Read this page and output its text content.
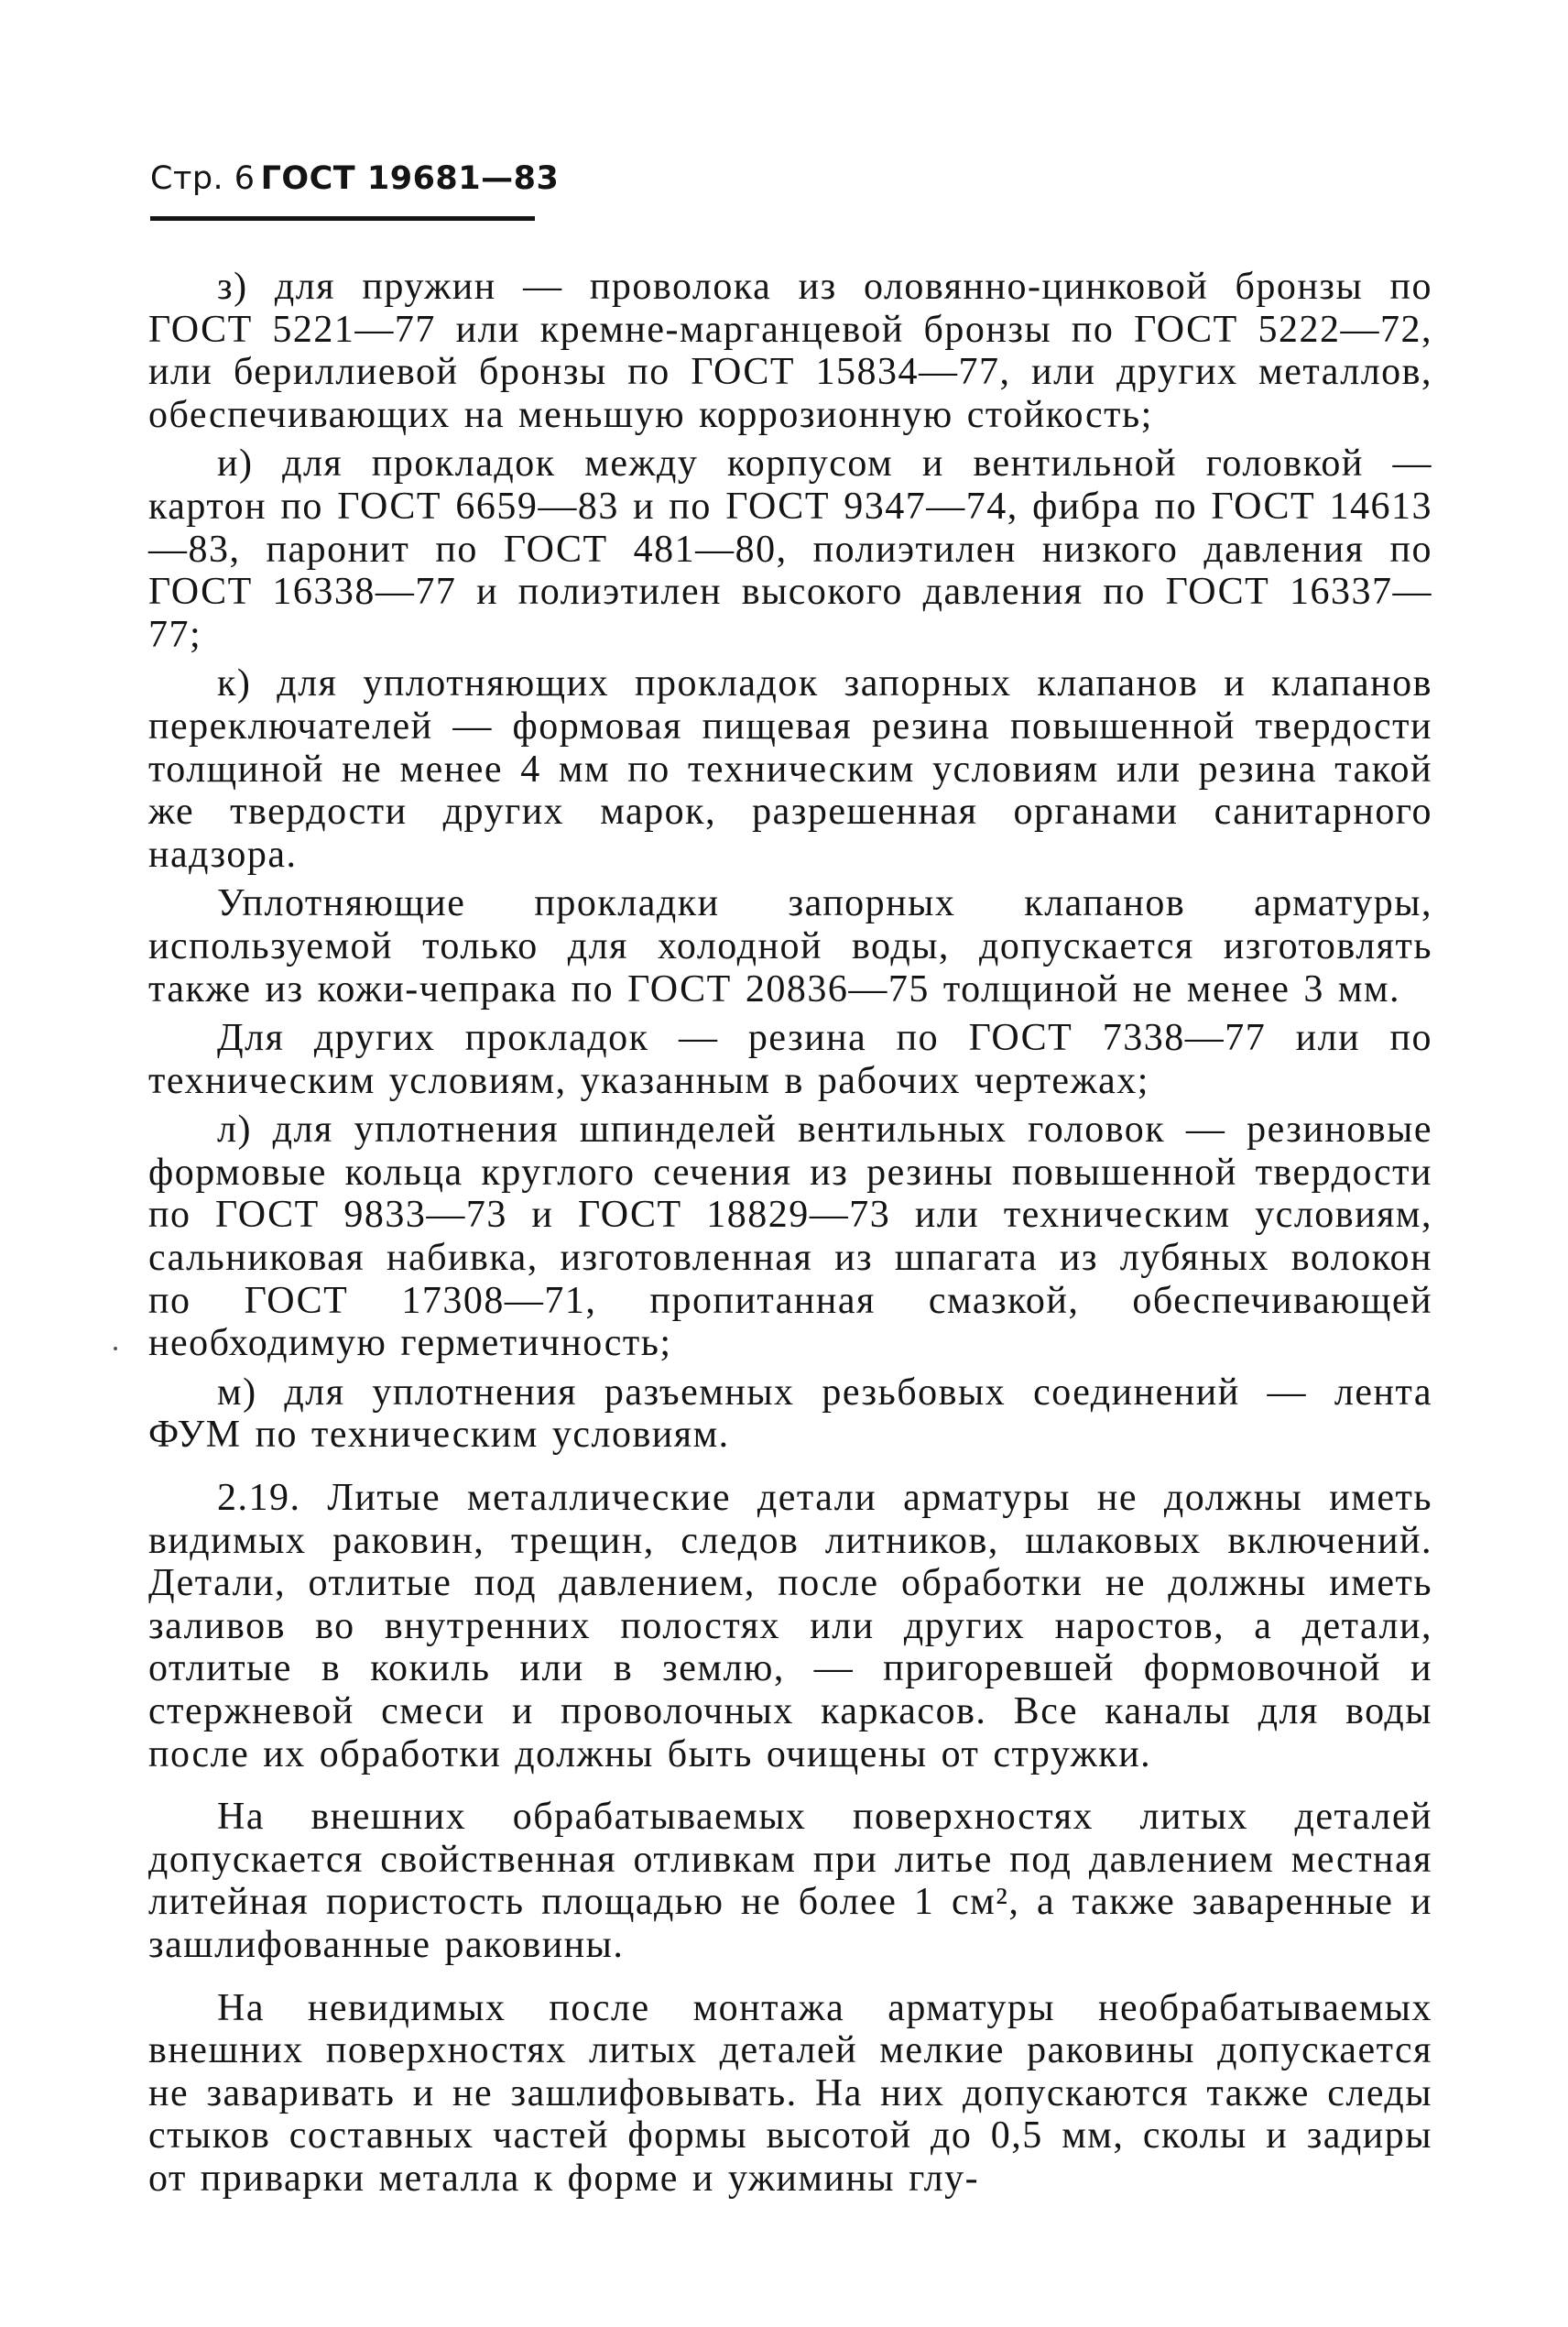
Стр. 6 ГОСТ 19681—83

з) для пружин — проволока из оловянно-цинковой бронзы по ГОСТ 5221—77 или кремне-марганцевой бронзы по ГОСТ 5222—72, или бериллиевой бронзы по ГОСТ 15834—77, или других металлов, обеспечивающих на меньшую коррозионную стойкость;

и) для прокладок между корпусом и вентильной головкой — картон по ГОСТ 6659—83 и по ГОСТ 9347—74, фибра по ГОСТ 14613—83, паронит по ГОСТ 481—80, полиэтилен низкого давления по ГОСТ 16338—77 и полиэтилен высокого давления по ГОСТ 16337—77;

к) для уплотняющих прокладок запорных клапанов и клапанов переключателей — формовая пищевая резина повышенной твердости толщиной не менее 4 мм по техническим условиям или резина такой же твердости других марок, разрешенная органами санитарного надзора.

Уплотняющие прокладки запорных клапанов арматуры, используемой только для холодной воды, допускается изготовлять также из кожи-чепрака по ГОСТ 20836—75 толщиной не менее 3 мм.

Для других прокладок — резина по ГОСТ 7338—77 или по техническим условиям, указанным в рабочих чертежах;

л) для уплотнения шпинделей вентильных головок — резиновые формовые кольца круглого сечения из резины повышенной твердости по ГОСТ 9833—73 и ГОСТ 18829—73 или техническим условиям, сальниковая набивка, изготовленная из шпагата из лубяных волокон по ГОСТ 17308—71, пропитанная смазкой, обеспечивающей необходимую герметичность;

м) для уплотнения разъемных резьбовых соединений — лента ФУМ по техническим условиям.

2.19. Литые металлические детали арматуры не должны иметь видимых раковин, трещин, следов литников, шлаковых включений. Детали, отлитые под давлением, после обработки не должны иметь заливов во внутренних полостях или других наростов, а детали, отлитые в кокиль или в землю, — пригоревшей формовочной и стержневой смеси и проволочных каркасов. Все каналы для воды после их обработки должны быть очищены от стружки.

На внешних обрабатываемых поверхностях литых деталей допускается свойственная отливкам при литье под давлением местная литейная пористость площадью не более 1 см², а также заваренные и зашлифованные раковины.

На невидимых после монтажа арматуры необрабатываемых внешних поверхностях литых деталей мелкие раковины допускается не заваривать и не зашлифовывать. На них допускаются также следы стыков составных частей формы высотой до 0,5 мм, сколы и задиры от приварки металла к форме и ужимины глу-
